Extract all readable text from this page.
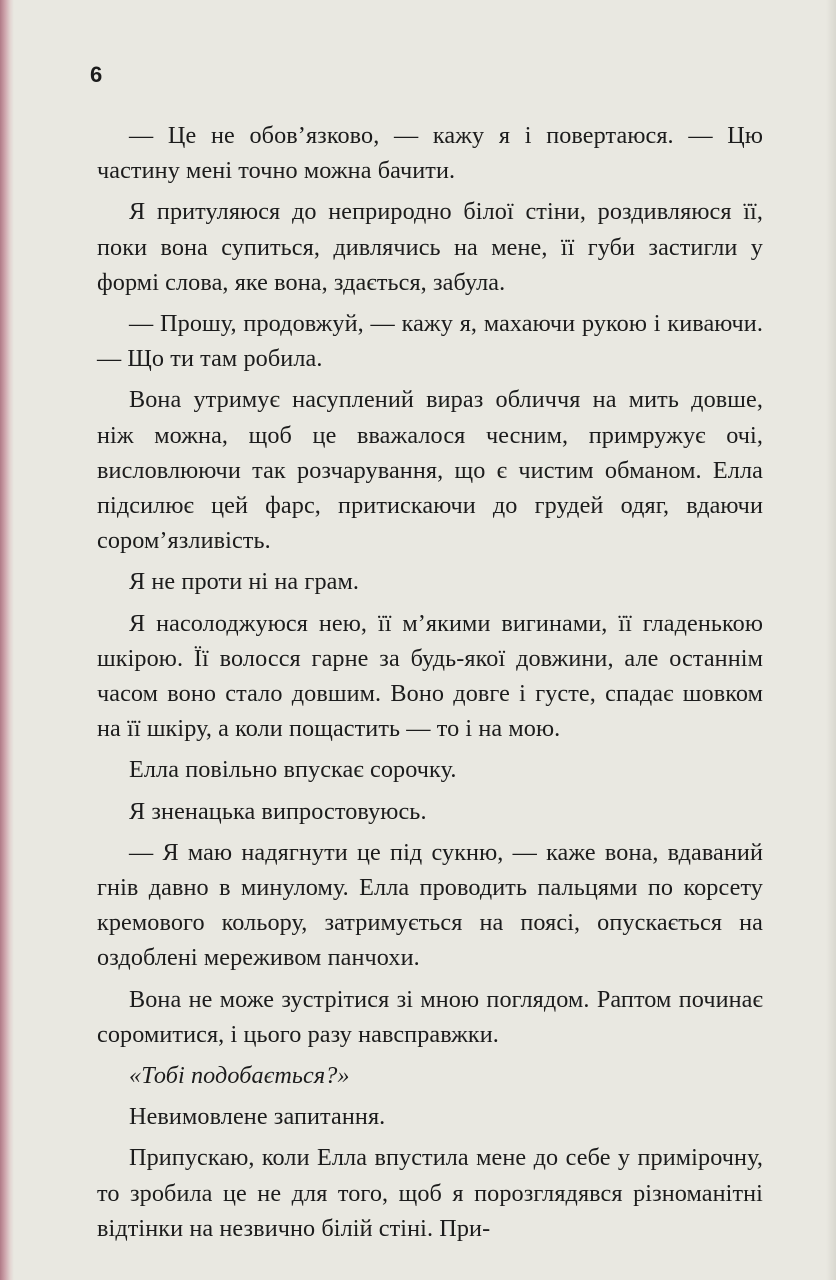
6

— Це не обов’язково, — кажу я і повертаюся. — Цю частину мені точно можна бачити.

Я притуляюся до неприродно білої стіни, роздивляюся її, поки вона супиться, дивлячись на мене, її губи застигли у формі слова, яке вона, здається, забула.

— Прошу, продовжуй, — кажу я, махаючи рукою і киваючи. — Що ти там робила.

Вона утримує насуплений вираз обличчя на мить довше, ніж можна, щоб це вважалося чесним, примружує очі, висловлюючи так розчарування, що є чистим обманом. Елла підсилює цей фарс, притискаючи до грудей одяг, вдаючи сором’язливість.

Я не проти ні на грам.

Я насолоджуюся нею, її м’якими вигинами, її гладенькою шкірою. Її волосся гарне за будь-якої довжини, але останнім часом воно стало довшим. Воно довге і густе, спадає шовком на її шкіру, а коли пощастить — то і на мою.

Елла повільно впускає сорочку.

Я зненацька випростовуюсь.

— Я маю надягнути це під сукню, — каже вона, вдаваний гнів давно в минулому. Елла проводить пальцями по корсету кремового кольору, затримується на поясі, опускається на оздоблені мереживом панчохи.

Вона не може зустрітися зі мною поглядом. Раптом починає соромитися, і цього разу навсправжки.

«Тобі подобається?»

Невимовлене запитання.

Припускаю, коли Елла впустила мене до себе у примірочну, то зробила це не для того, щоб я порозглядявся різноманітні відтінки на незвично білій стіні. При-
